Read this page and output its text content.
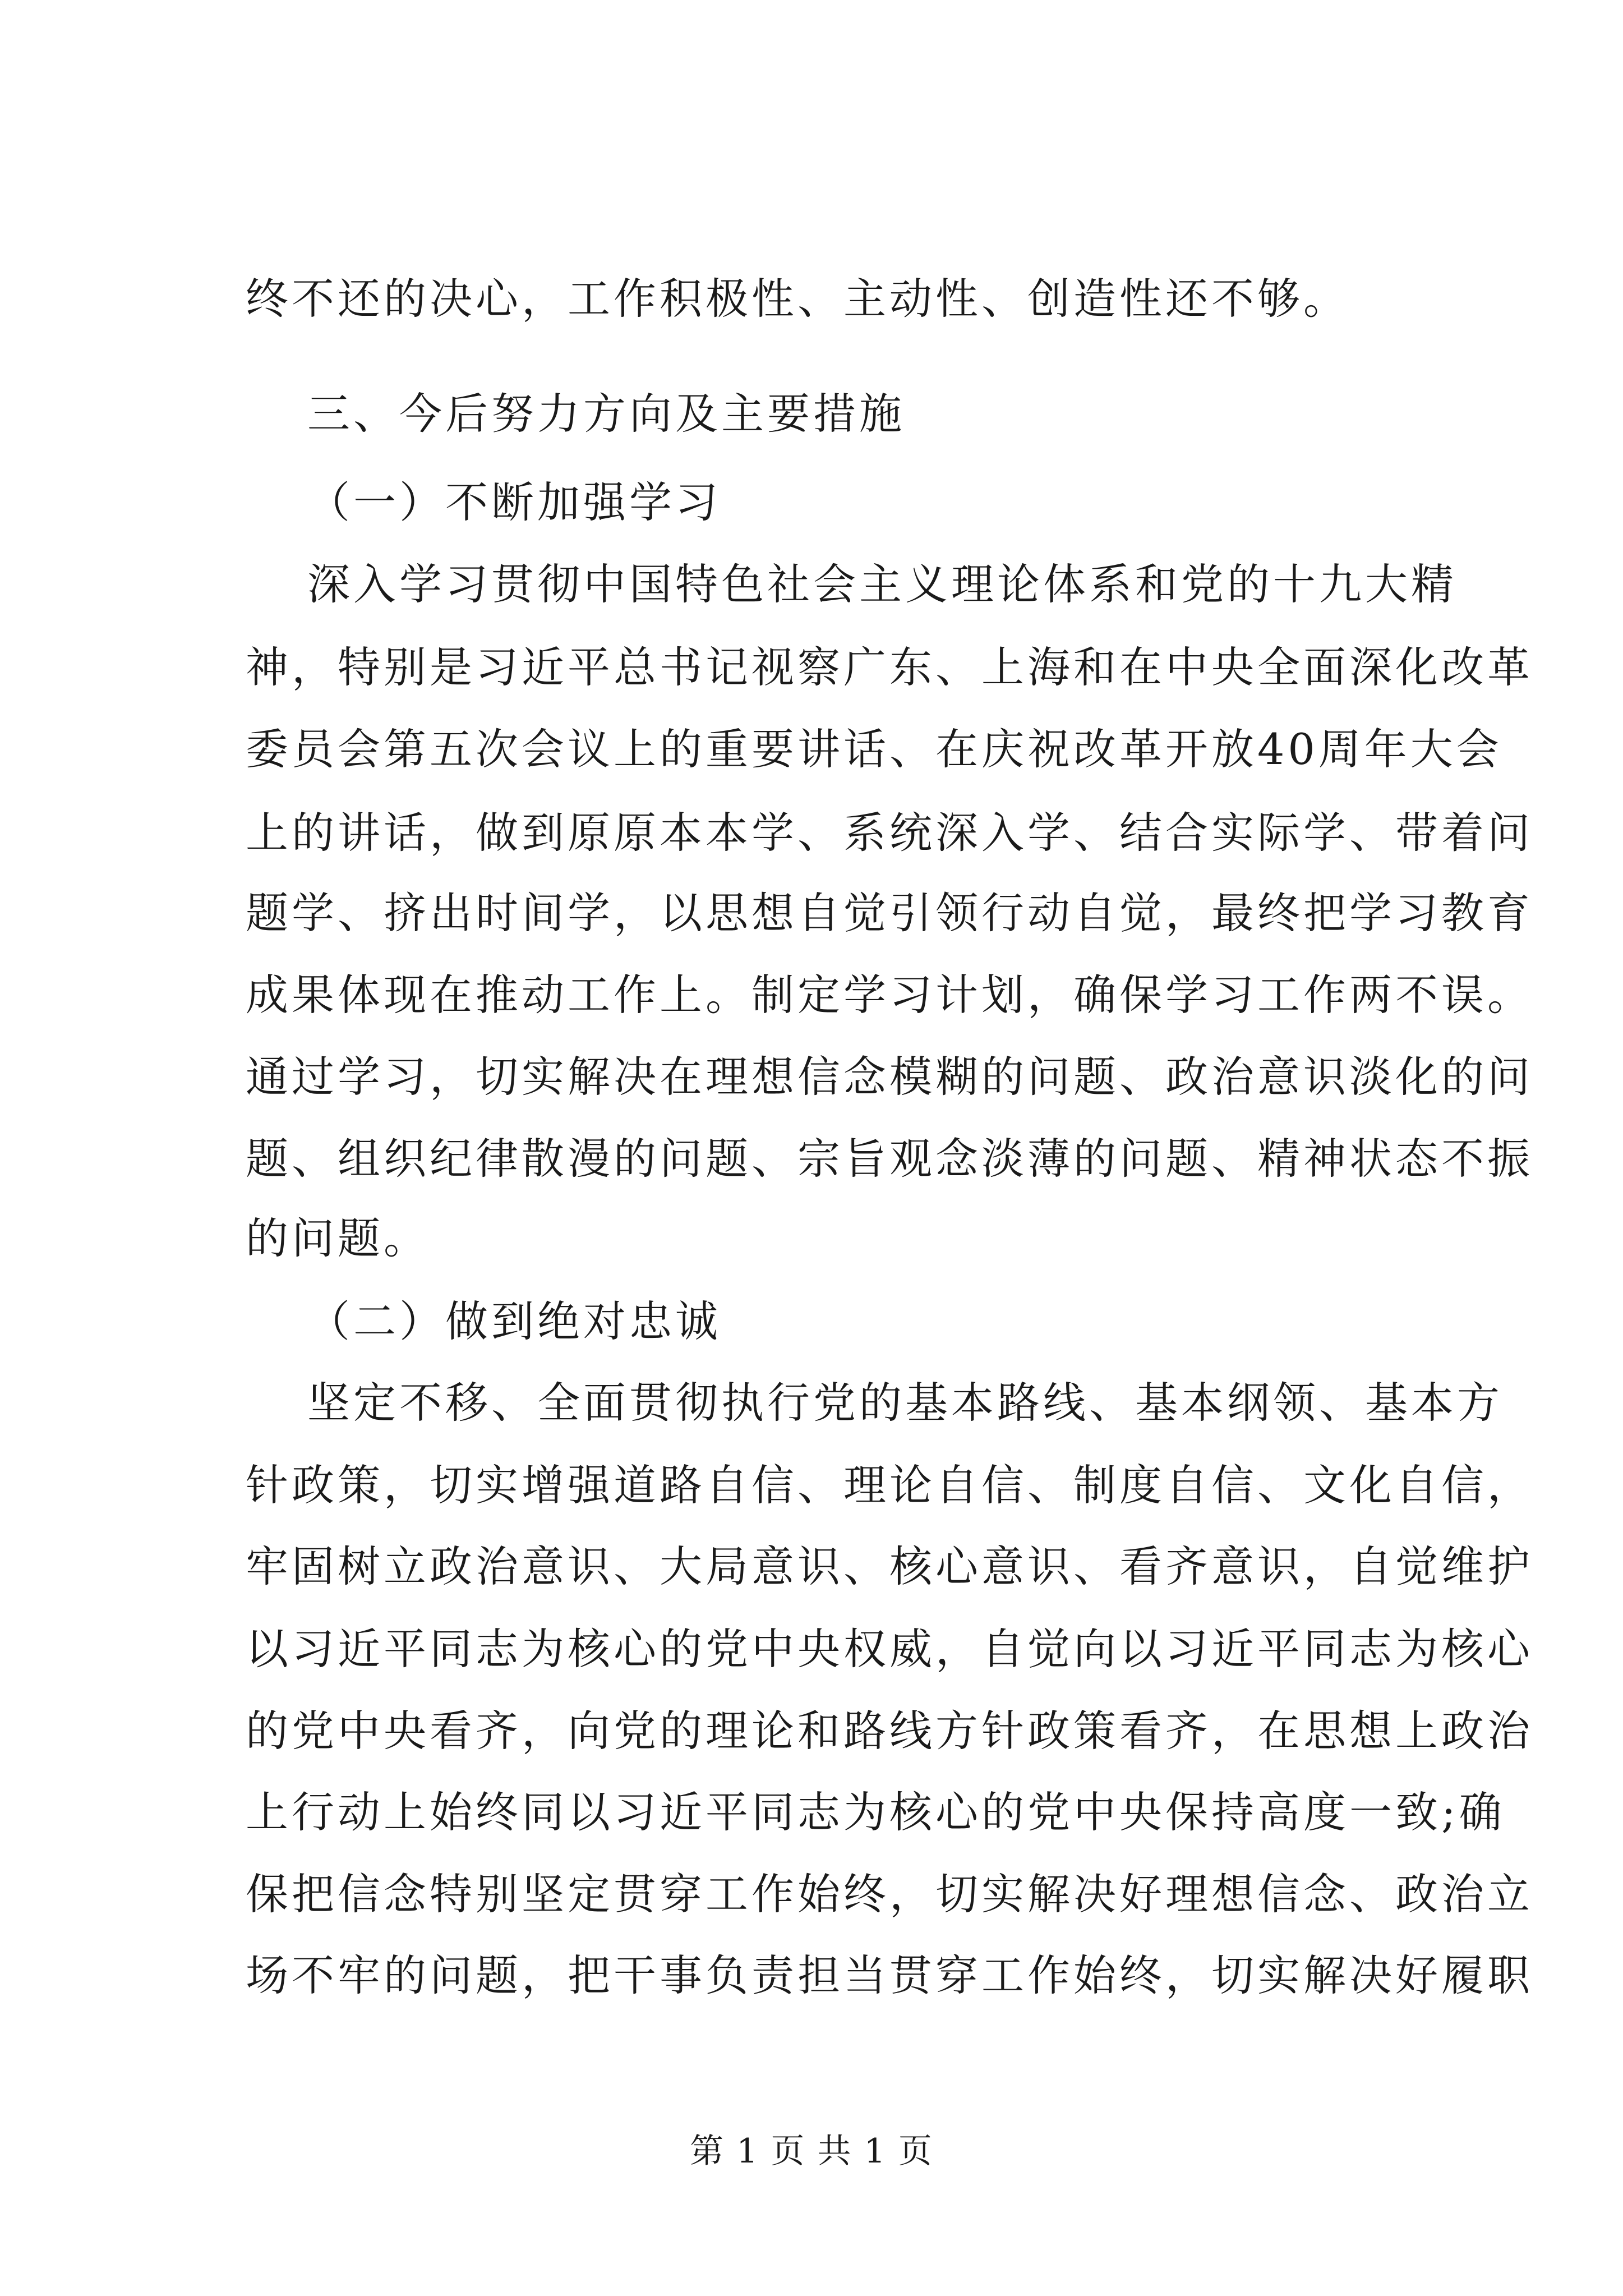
终不还的决心，工作积极性、主动性、创造性还不够。
三、今后努力方向及主要措施
（一）不断加强学习
深入学习贯彻中国特色社会主义理论体系和党的十九大精
神，特别是习近平总书记视察广东、上海和在中央全面深化改革
委员会第五次会议上的重要讲话、在庆祝改革开放40周年大会
上的讲话，做到原原本本学、系统深入学、结合实际学、带着问
题学、挤出时间学，以思想自觉引领行动自觉，最终把学习教育
成果体现在推动工作上。制定学习计划，确保学习工作两不误。
通过学习，切实解决在理想信念模糊的问题、政治意识淡化的问
题、组织纪律散漫的问题、宗旨观念淡薄的问题、精神状态不振
的问题。
（二）做到绝对忠诚
坚定不移、全面贯彻执行党的基本路线、基本纲领、基本方
针政策，切实增强道路自信、理论自信、制度自信、文化自信，
牢固树立政治意识、大局意识、核心意识、看齐意识，自觉维护
以习近平同志为核心的党中央权威，自觉向以习近平同志为核心
的党中央看齐，向党的理论和路线方针政策看齐，在思想上政治
上行动上始终同以习近平同志为核心的党中央保持高度一致;确
保把信念特别坚定贯穿工作始终，切实解决好理想信念、政治立
场不牢的问题，把干事负责担当贯穿工作始终，切实解决好履职
第 1 页 共 1 页
